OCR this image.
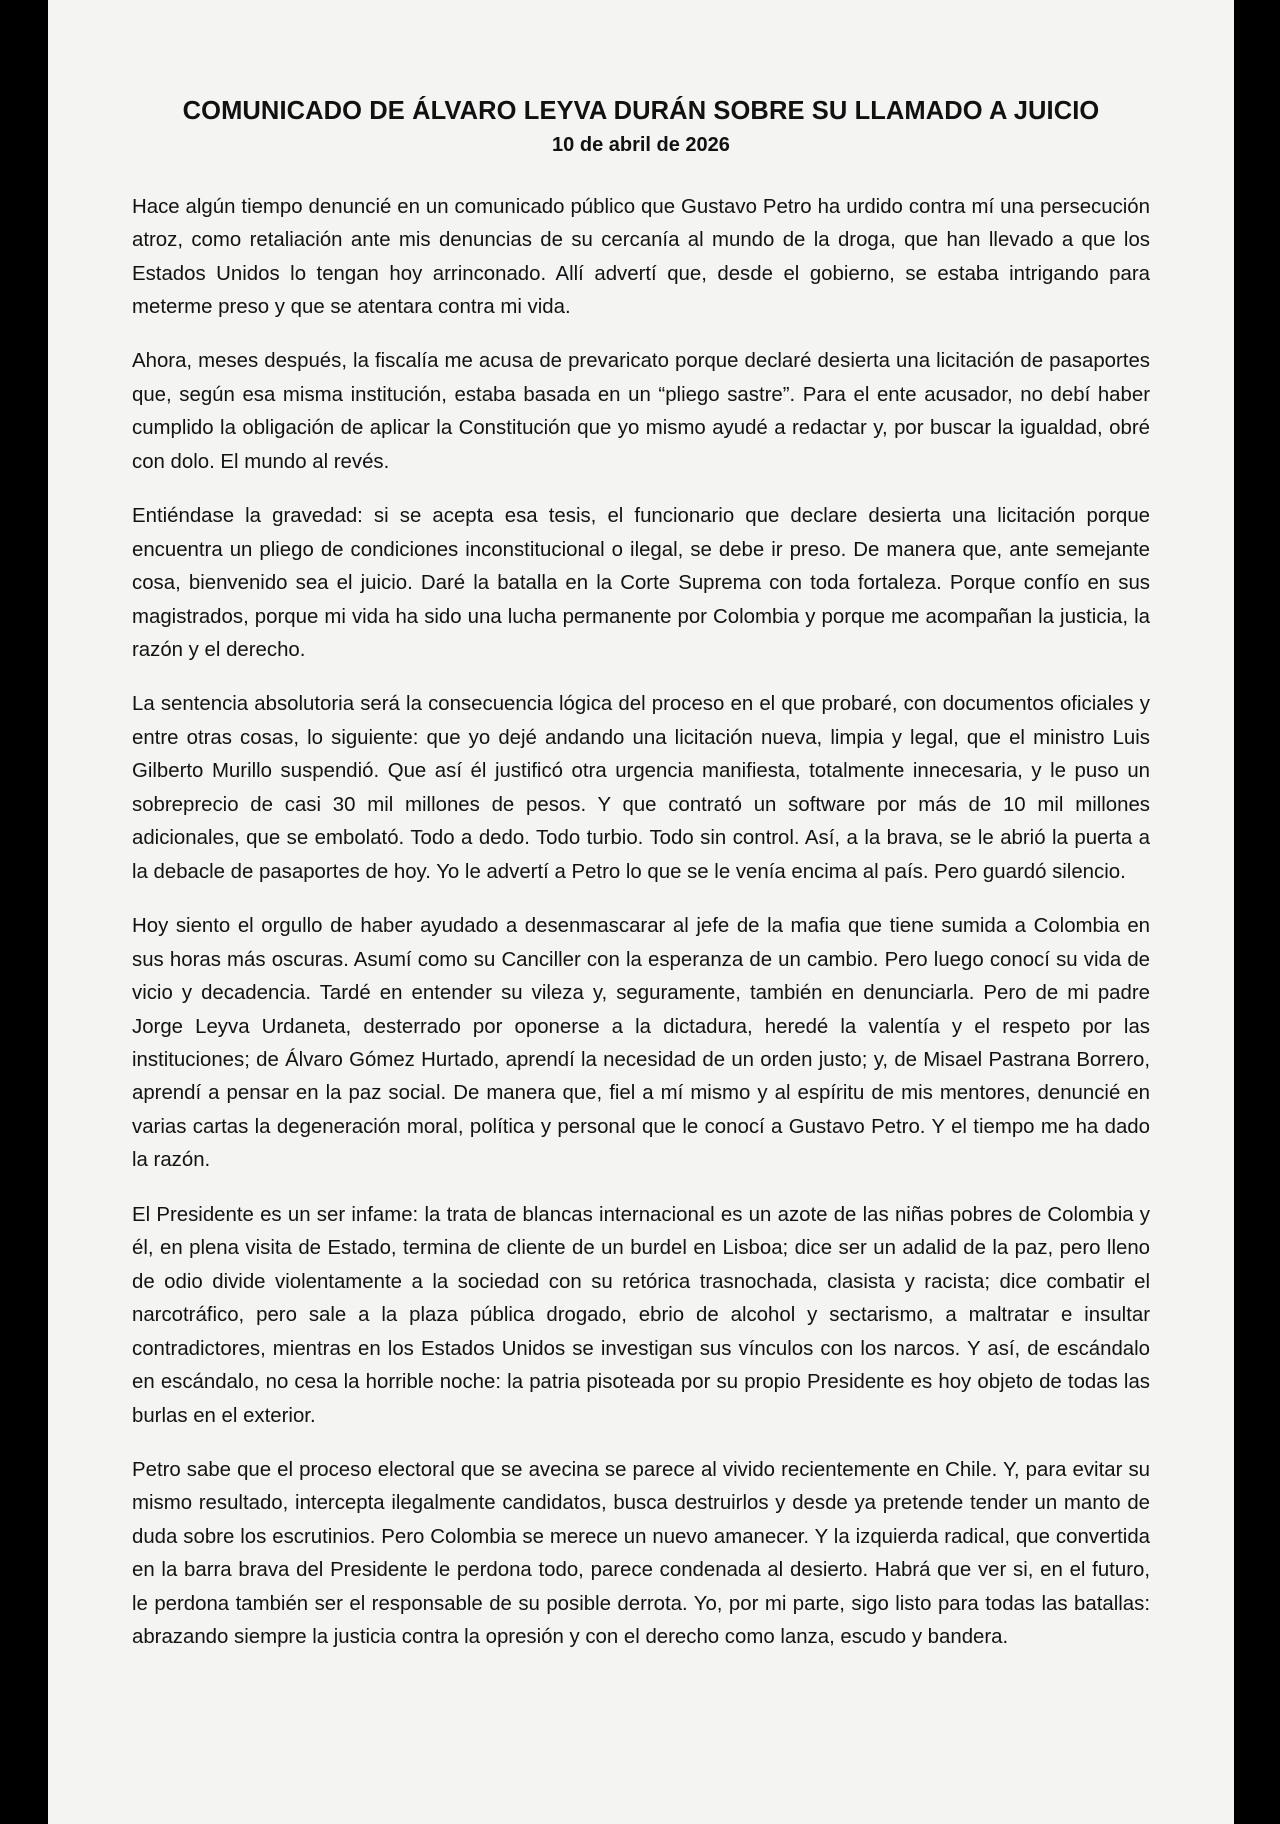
COMUNICADO DE ÁLVARO LEYVA DURÁN SOBRE SU LLAMADO A JUICIO
10 de abril de 2026

Hace algún tiempo denuncié en un comunicado público que Gustavo Petro ha urdido contra mí una persecución atroz, como retaliación ante mis denuncias de su cercanía al mundo de la droga, que han llevado a que los Estados Unidos lo tengan hoy arrinconado. Allí advertí que, desde el gobierno, se estaba intrigando para meterme preso y que se atentara contra mi vida.

Ahora, meses después, la fiscalía me acusa de prevaricato porque declaré desierta una licitación de pasaportes que, según esa misma institución, estaba basada en un “pliego sastre”. Para el ente acusador, no debí haber cumplido la obligación de aplicar la Constitución que yo mismo ayudé a redactar y, por buscar la igualdad, obré con dolo. El mundo al revés.

Entiéndase la gravedad: si se acepta esa tesis, el funcionario que declare desierta una licitación porque encuentra un pliego de condiciones inconstitucional o ilegal, se debe ir preso. De manera que, ante semejante cosa, bienvenido sea el juicio. Daré la batalla en la Corte Suprema con toda fortaleza. Porque confío en sus magistrados, porque mi vida ha sido una lucha permanente por Colombia y porque me acompañan la justicia, la razón y el derecho.

La sentencia absolutoria será la consecuencia lógica del proceso en el que probaré, con documentos oficiales y entre otras cosas, lo siguiente: que yo dejé andando una licitación nueva, limpia y legal, que el ministro Luis Gilberto Murillo suspendió. Que así él justificó otra urgencia manifiesta, totalmente innecesaria, y le puso un sobreprecio de casi 30 mil millones de pesos. Y que contrató un software por más de 10 mil millones adicionales, que se embolató. Todo a dedo. Todo turbio. Todo sin control. Así, a la brava, se le abrió la puerta a la debacle de pasaportes de hoy. Yo le advertí a Petro lo que se le venía encima al país. Pero guardó silencio.

Hoy siento el orgullo de haber ayudado a desenmascarar al jefe de la mafia que tiene sumida a Colombia en sus horas más oscuras. Asumí como su Canciller con la esperanza de un cambio. Pero luego conocí su vida de vicio y decadencia. Tardé en entender su vileza y, seguramente, también en denunciarla. Pero de mi padre Jorge Leyva Urdaneta, desterrado por oponerse a la dictadura, heredé la valentía y el respeto por las instituciones; de Álvaro Gómez Hurtado, aprendí la necesidad de un orden justo; y, de Misael Pastrana Borrero, aprendí a pensar en la paz social. De manera que, fiel a mí mismo y al espíritu de mis mentores, denuncié en varias cartas la degeneración moral, política y personal que le conocí a Gustavo Petro. Y el tiempo me ha dado la razón.

El Presidente es un ser infame: la trata de blancas internacional es un azote de las niñas pobres de Colombia y él, en plena visita de Estado, termina de cliente de un burdel en Lisboa; dice ser un adalid de la paz, pero lleno de odio divide violentamente a la sociedad con su retórica trasnochada, clasista y racista; dice combatir el narcotráfico, pero sale a la plaza pública drogado, ebrio de alcohol y sectarismo, a maltratar e insultar contradictores, mientras en los Estados Unidos se investigan sus vínculos con los narcos. Y así, de escándalo en escándalo, no cesa la horrible noche: la patria pisoteada por su propio Presidente es hoy objeto de todas las burlas en el exterior.

Petro sabe que el proceso electoral que se avecina se parece al vivido recientemente en Chile. Y, para evitar su mismo resultado, intercepta ilegalmente candidatos, busca destruirlos y desde ya pretende tender un manto de duda sobre los escrutinios. Pero Colombia se merece un nuevo amanecer. Y la izquierda radical, que convertida en la barra brava del Presidente le perdona todo, parece condenada al desierto. Habrá que ver si, en el futuro, le perdona también ser el responsable de su posible derrota. Yo, por mi parte, sigo listo para todas las batallas: abrazando siempre la justicia contra la opresión y con el derecho como lanza, escudo y bandera.
